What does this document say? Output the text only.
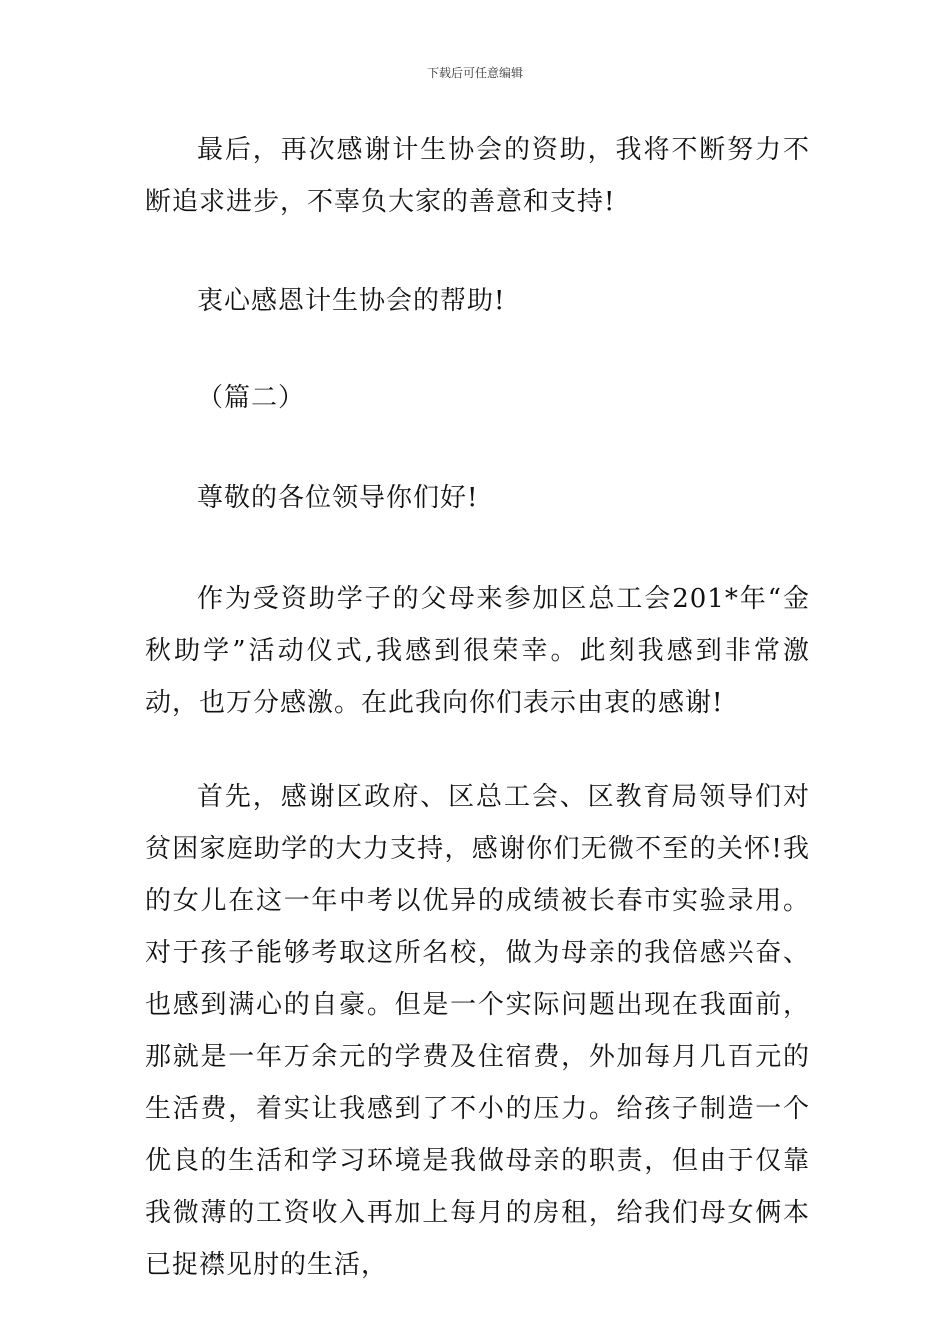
下载后可任意编辑

最后，再次感谢计生协会的资助，我将不断努力不断追求进步，不辜负大家的善意和支持!

衷心感恩计生协会的帮助!

（篇二）

尊敬的各位领导你们好!

作为受资助学子的父母来参加区总工会201*年“金秋助学”活动仪式,我感到很荣幸。此刻我感到非常激动，也万分感激。在此我向你们表示由衷的感谢!

首先，感谢区政府、区总工会、区教育局领导们对贫困家庭助学的大力支持，感谢你们无微不至的关怀!我的女儿在这一年中考以优异的成绩被长春市实验录用。对于孩子能够考取这所名校，做为母亲的我倍感兴奋、也感到满心的自豪。但是一个实际问题出现在我面前，那就是一年万余元的学费及住宿费，外加每月几百元的生活费，着实让我感到了不小的压力。给孩子制造一个优良的生活和学习环境是我做母亲的职责，但由于仅靠我微薄的工资收入再加上每月的房租，给我们母女俩本已捉襟见肘的生活，
